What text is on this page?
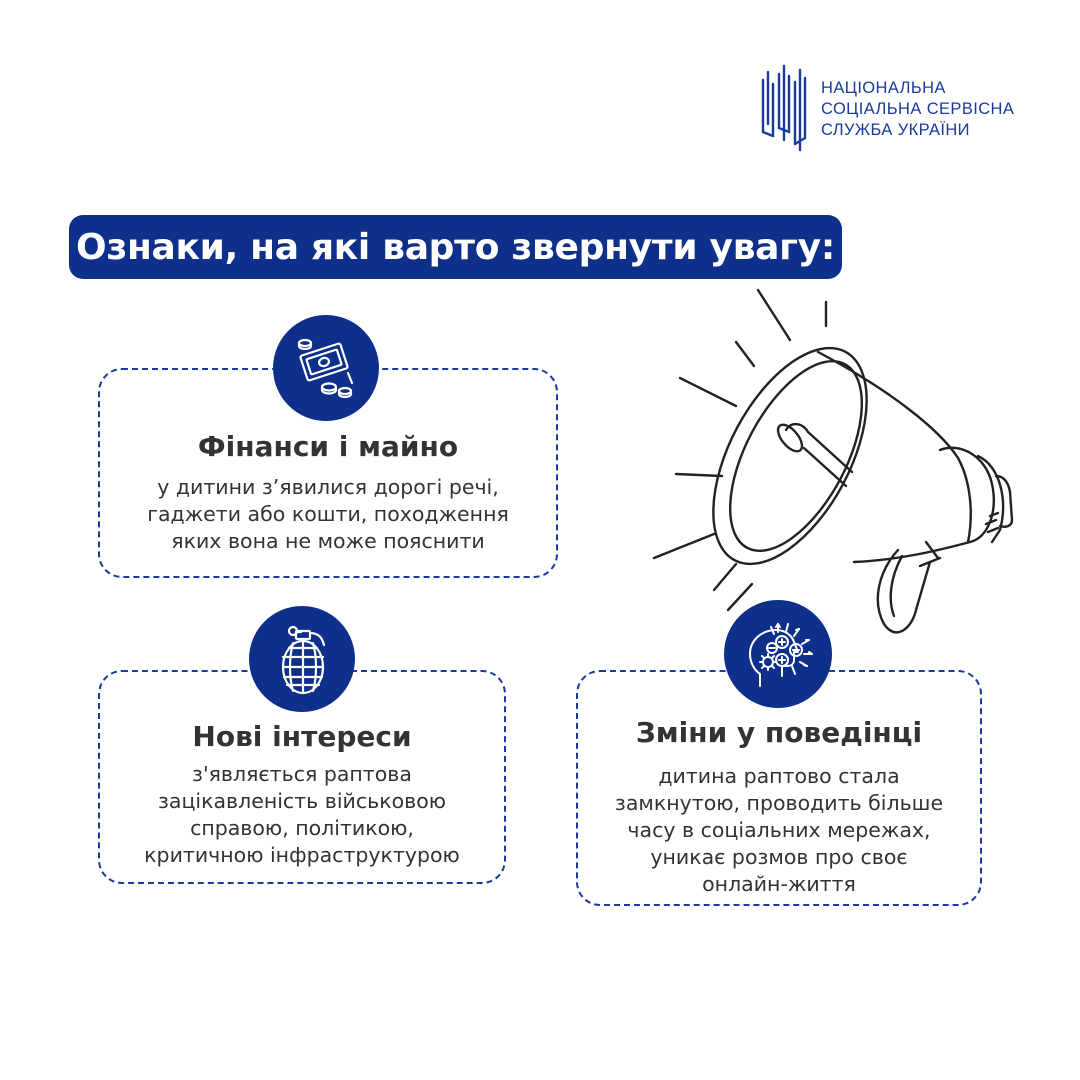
НАЦІОНАЛЬНА
СОЦІАЛЬНА СЕРВІСНА
СЛУЖБА УКРАЇНИ
Ознаки, на які варто звернути увагу:
Фінанси і майно
у дитини з’явилися дорогі речі,
гаджети або кошти, походження
яких вона не може пояснити
Нові інтереси
з'являється раптова
зацікавленість військовою
справою, політикою,
критичною інфраструктурою
Зміни у поведінці
дитина раптово стала
замкнутою, проводить більше
часу в соціальних мережах,
уникає розмов про своє
онлайн-життя
